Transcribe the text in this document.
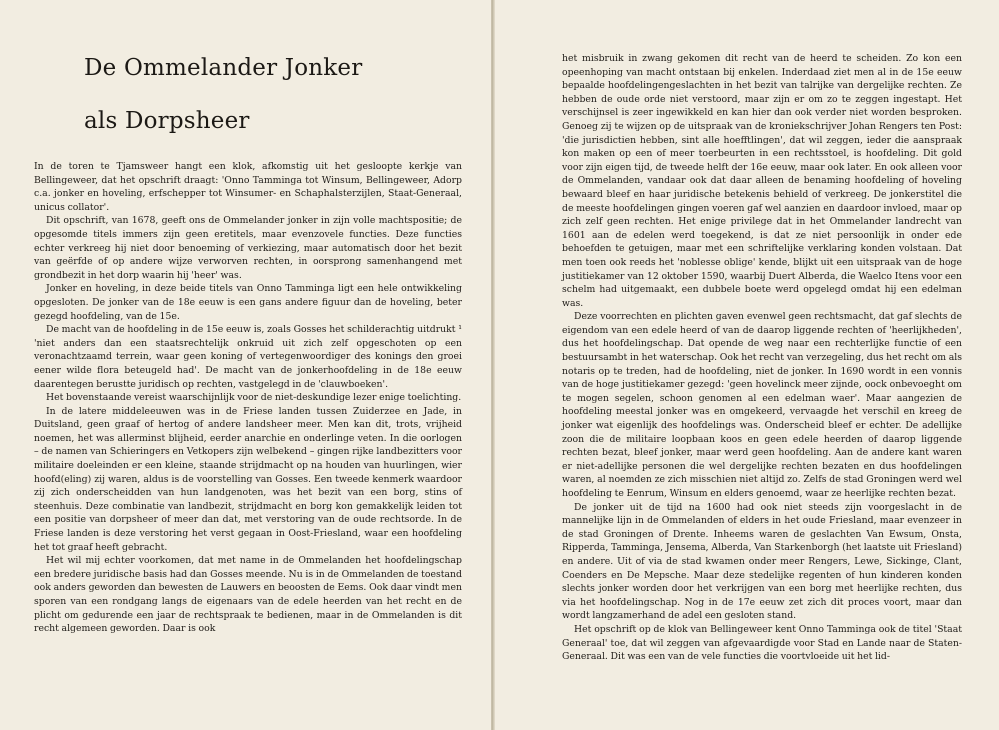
De Ommelander Jonker
als Dorpsheer

In de toren te Tjamsweer hangt een klok, afkomstig uit het gesloopte kerkje van Bellingeweer, dat het opschrift draagt: 'Onno Tamminga tot Winsum, Bellingeweer, Adorp c.a. jonker en hoveling, erfschepper tot Winsumer- en Schaphalsterzijlen, Staat-Generaal, unicus collator'.

Dit opschrift, van 1678, geeft ons de Ommelander jonker in zijn volle machtspositie; de opgesomde titels immers zijn geen eretitels, maar evenzovele functies. Deze functies echter verkreeg hij niet door benoeming of verkiezing, maar automatisch door het bezit van geërfde of op andere wijze verworven rechten, in oorsprong samenhangend met grondbezit in het dorp waarin hij 'heer' was.

Jonker en hoveling, in deze beide titels van Onno Tamminga ligt een hele ontwikkeling opgesloten. De jonker van de 18e eeuw is een gans andere figuur dan de hoveling, beter gezegd hoofdeling, van de 15e.

De macht van de hoofdeling in de 15e eeuw is, zoals Gosses het schilderachtig uitdrukt ¹ 'niet anders dan een staatsrechtelijk onkruid uit zich zelf opgeschoten op een veronachtzaamd terrein, waar geen koning of vertegenwoordiger des konings den groei eener wilde flora beteugeld had'. De macht van de jonkerhoofdeling in de 18e eeuw daarentegen berustte juridisch op rechten, vastgelegd in de 'clauwboeken'.

Het bovenstaande vereist waarschijnlijk voor de niet-deskundige lezer enige toelichting.

In de latere middeleeuwen was in de Friese landen tussen Zuiderzee en Jade, in Duitsland, geen graaf of hertog of andere landsheer meer. Men kan dit, trots, vrijheid noemen, het was allerminst blijheid, eerder anarchie en onderlinge veten. In die oorlogen – de namen van Schieringers en Vetkopers zijn welbekend – gingen rijke landbezitters voor militaire doeleinden er een kleine, staande strijdmacht op na houden van huurlingen, wier hoofd(eling) zij waren, aldus is de voorstelling van Gosses. Een tweede kenmerk waardoor zij zich onderscheidden van hun landgenoten, was het bezit van een borg, stins of steenhuis. Deze combinatie van landbezit, strijdmacht en borg kon gemakkelijk leiden tot een positie van dorpsheer of meer dan dat, met verstoring van de oude rechtsorde. In de Friese landen is deze verstoring het verst gegaan in Oost-Friesland, waar een hoofdeling het tot graaf heeft gebracht.

Het wil mij echter voorkomen, dat met name in de Ommelanden het hoofdelingschap een bredere juridische basis had dan Gosses meende. Nu is in de Ommelanden de toestand ook anders geworden dan bewesten de Lauwers en beoosten de Eems. Ook daar vindt men sporen van een rondgang langs de eigenaars van de edele heerden van het recht en de plicht om gedurende een jaar de rechtspraak te bedienen, maar in de Ommelanden is dit recht algemeen geworden. Daar is ook

het misbruik in zwang gekomen dit recht van de heerd te scheiden. Zo kon een opeenhoping van macht ontstaan bij enkelen. Inderdaad ziet men al in de 15e eeuw bepaalde hoofdelingengeslachten in het bezit van talrijke van dergelijke rechten. Ze hebben de oude orde niet verstoord, maar zijn er om zo te zeggen ingestapt. Het verschijnsel is zeer ingewikkeld en kan hier dan ook verder niet worden besproken. Genoeg zij te wijzen op de uitspraak van de kroniekschrijver Johan Rengers ten Post: 'die jurisdictien hebben, sint alle hoefftlingen', dat wil zeggen, ieder die aanspraak kon maken op een of meer toerbeurten in een rechtsstoel, is hoofdeling. Dit gold voor zijn eigen tijd, de tweede helft der 16e eeuw, maar ook later. En ook alleen voor de Ommelanden, vandaar ook dat daar alleen de benaming hoofdeling of hoveling bewaard bleef en haar juridische betekenis behield of verkreeg. De jonkerstitel die de meeste hoofdelingen gingen voeren gaf wel aanzien en daardoor invloed, maar op zich zelf geen rechten. Het enige privilege dat in het Ommelander landrecht van 1601 aan de edelen werd toegekend, is dat ze niet persoonlijk in onder ede behoefden te getuigen, maar met een schriftelijke verklaring konden volstaan. Dat men toen ook reeds het 'noblesse oblige' kende, blijkt uit een uitspraak van de hoge justitiekamer van 12 oktober 1590, waarbij Duert Alberda, die Waelco Itens voor een schelm had uitgemaakt, een dubbele boete werd opgelegd omdat hij een edelman was.

Deze voorrechten en plichten gaven evenwel geen rechtsmacht, dat gaf slechts de eigendom van een edele heerd of van de daarop liggende rechten of 'heerlijkheden', dus het hoofdelingschap. Dat opende de weg naar een rechterlijke functie of een bestuursambt in het waterschap. Ook het recht van verzegeling, dus het recht om als notaris op te treden, had de hoofdeling, niet de jonker. In 1690 wordt in een vonnis van de hoge justitiekamer gezegd: 'geen hovelinck meer zijnde, oock onbevoeght om te mogen segelen, schoon genomen al een edelman waer'. Maar aangezien de hoofdeling meestal jonker was en omgekeerd, vervaagde het verschil en kreeg de jonker wat eigenlijk des hoofdelings was. Onderscheid bleef er echter. De adellijke zoon die de militaire loopbaan koos en geen edele heerden of daarop liggende rechten bezat, bleef jonker, maar werd geen hoofdeling. Aan de andere kant waren er niet-adellijke personen die wel dergelijke rechten bezaten en dus hoofdelingen waren, al noemden ze zich misschien niet altijd zo. Zelfs de stad Groningen werd wel hoofdeling te Eenrum, Winsum en elders genoemd, waar ze heerlijke rechten bezat.

De jonker uit de tijd na 1600 had ook niet steeds zijn voorgeslacht in de mannelijke lijn in de Ommelanden of elders in het oude Friesland, maar evenzeer in de stad Groningen of Drente. Inheems waren de geslachten Van Ewsum, Onsta, Ripperda, Tamminga, Jensema, Alberda, Van Starkenborgh (het laatste uit Friesland) en andere. Uit of via de stad kwamen onder meer Rengers, Lewe, Sickinge, Clant, Coenders en De Mepsche. Maar deze stedelijke regenten of hun kinderen konden slechts jonker worden door het verkrijgen van een borg met heerlijke rechten, dus via het hoofdelingschap. Nog in de 17e eeuw zet zich dit proces voort, maar dan wordt langzamerhand de adel een gesloten stand.

Het opschrift op de klok van Bellingeweer kent Onno Tamminga ook de titel 'Staat Generaal' toe, dat wil zeggen van afgevaardigde voor Stad en Lande naar de Staten-Generaal. Dit was een van de vele functies die voortvloeide uit het lid-
